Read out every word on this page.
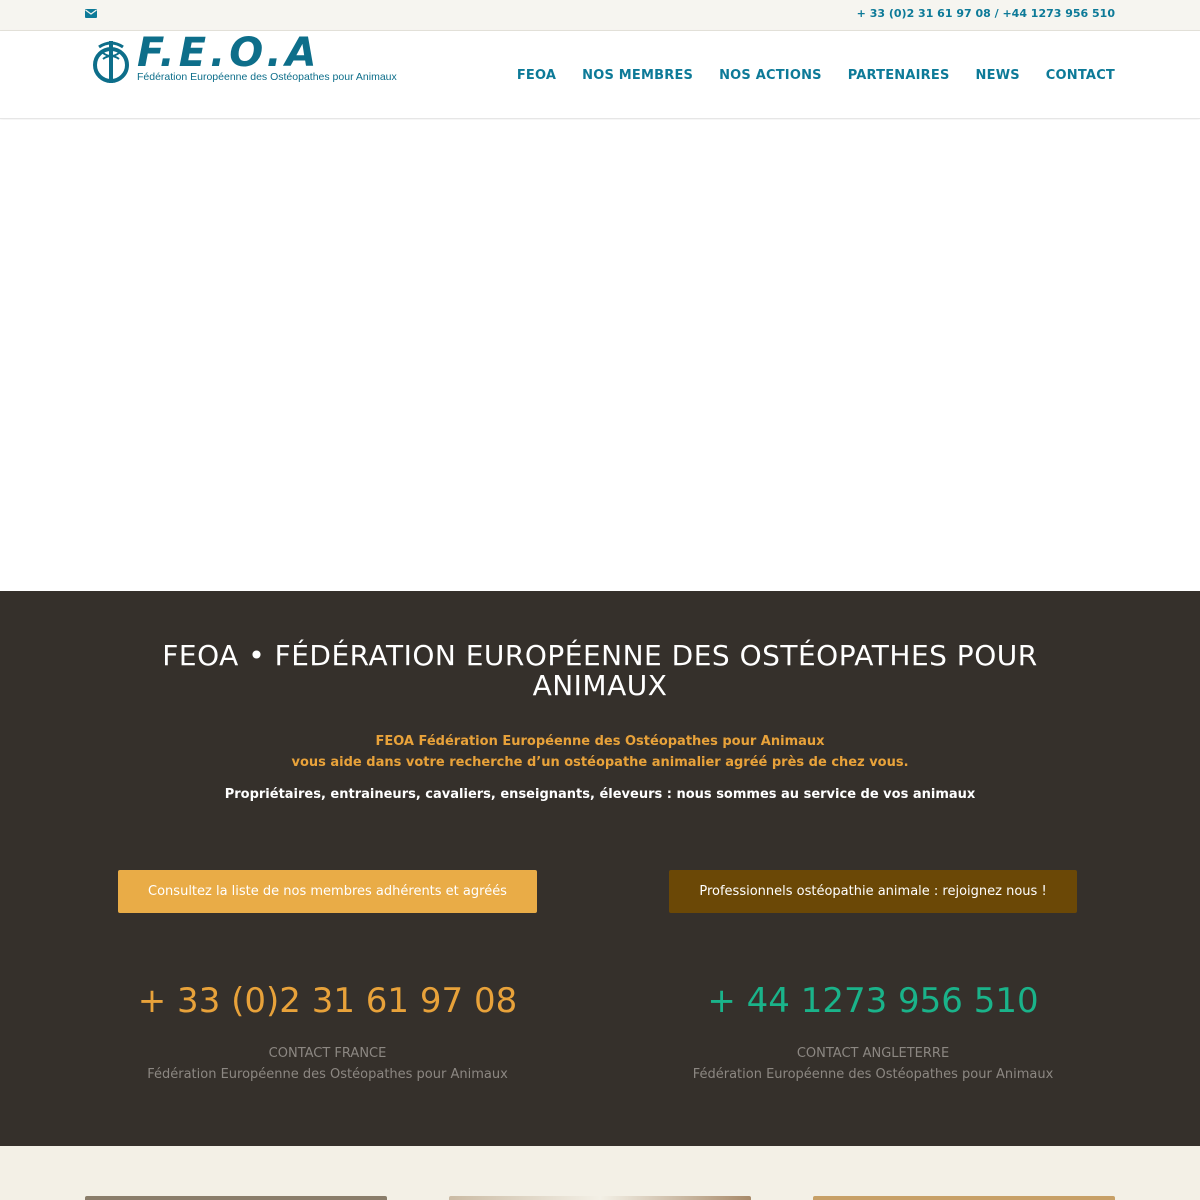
+ 33 (0)2 31 61 97 08 / +44 1273 956 510
F.E.O.A
Fédération Européenne des Ostéopathes pour Animaux	FEOA NOS MEMBRES NOS ACTIONS PARTENAIRES NEWS CONTACT
FEOA • FÉDÉRATION EUROPÉENNE DES OSTÉOPATHES POUR ANIMAUX

FEOA Fédération Européenne des Ostéopathes pour Animaux

vous aide dans votre recherche d’un ostéopathe animalier agréé près de chez vous.

Propriétaires, entraineurs, cavaliers, enseignants, éleveurs : nous sommes au service de vos animaux

Consultez la liste de nos membres adhérents et agréés	Professionnels ostéopathie animale : rejoignez nous !
+ 33 (0)2 31 61 97 08	+ 44 1273 956 510
CONTACT FRANCE
Fédération Européenne des Ostéopathes pour Animaux
CONTACT ANGLETERRE
Fédération Européenne des Ostéopathes pour Animaux
